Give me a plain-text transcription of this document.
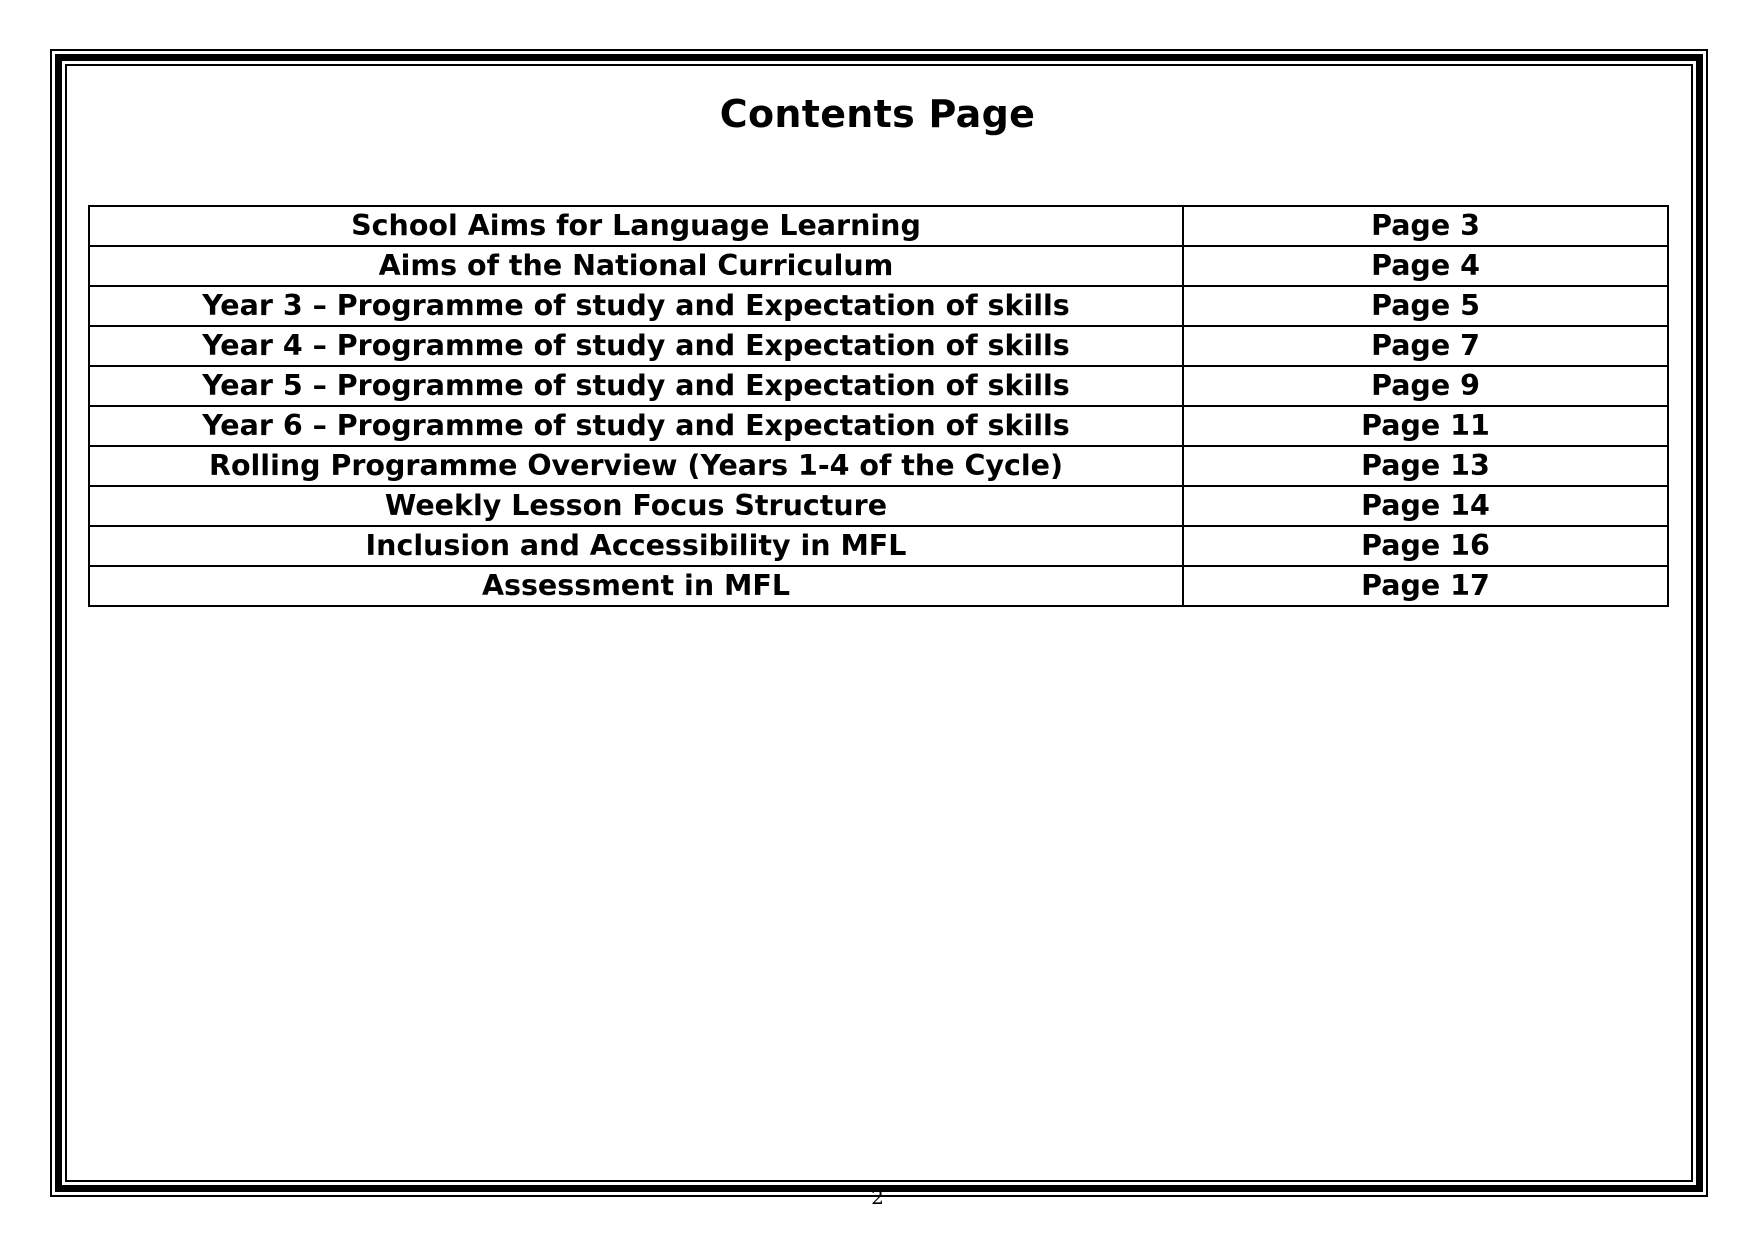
Contents Page
School Aims for Language Learning	Page 3
Aims of the National Curriculum	Page 4
Year 3 – Programme of study and Expectation of skills	Page 5
Year 4 – Programme of study and Expectation of skills	Page 7
Year 5 – Programme of study and Expectation of skills	Page 9
Year 6 – Programme of study and Expectation of skills	Page 11
Rolling Programme Overview (Years 1-4 of the Cycle)	Page 13
Weekly Lesson Focus Structure	Page 14
Inclusion and Accessibility in MFL	Page 16
Assessment in MFL	Page 17
2
